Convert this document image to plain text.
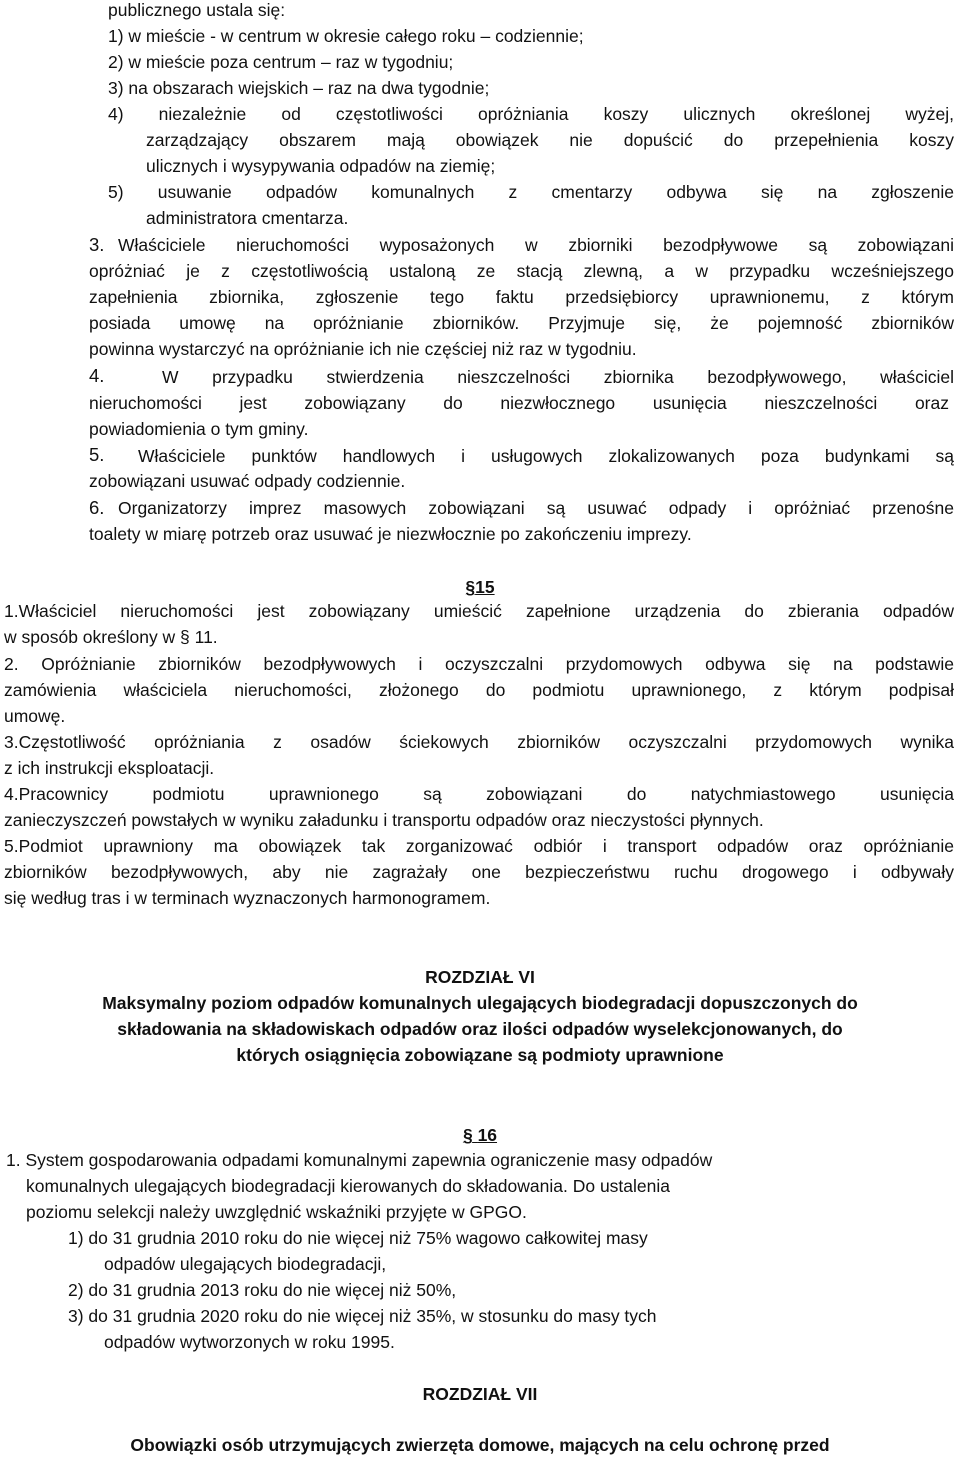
publicznego ustala się:
1) w mieście - w centrum w okresie całego roku – codziennie;
2) w mieście poza centrum – raz w tygodniu;
3) na obszarach wiejskich – raz na dwa tygodnie;
4) niezależnie od częstotliwości opróżniania koszy ulicznych określonej wyżej,
zarządzający obszarem mają obowiązek nie dopuścić do przepełnienia koszy
ulicznych i wysypywania odpadów na ziemię;
5) usuwanie odpadów komunalnych z cmentarzy odbywa się na zgłoszenie
administratora cmentarza.
3. Właściciele nieruchomości wyposażonych w zbiorniki bezodpływowe są zobowiązani
opróżniać je z częstotliwością ustaloną ze stacją zlewną, a w przypadku wcześniejszego
zapełnienia zbiornika, zgłoszenie tego faktu przedsiębiorcy uprawnionemu, z którym
posiada umowę na opróżnianie zbiorników. Przyjmuje się, że pojemność zbiorników
powinna wystarczyć na opróżnianie ich nie częściej niż raz w tygodniu.
4.	W przypadku stwierdzenia nieszczelności zbiornika bezodpływowego, właściciel
nieruchomości jest zobowiązany do niezwłocznego usunięcia nieszczelności oraz
powiadomienia o tym gminy.
5. Właściciele punktów handlowych i usługowych zlokalizowanych poza budynkami są
zobowiązani usuwać odpady codziennie.
6. Organizatorzy imprez masowych zobowiązani są usuwać odpady i opróżniać przenośne
toalety w miarę potrzeb oraz usuwać je niezwłocznie po zakończeniu imprezy.
§15
1.Właściciel nieruchomości jest zobowiązany umieścić zapełnione urządzenia do zbierania odpadów
w sposób określony w § 11.
2. Opróżnianie zbiorników bezodpływowych i oczyszczalni przydomowych odbywa się na podstawie
zamówienia właściciela nieruchomości, złożonego do podmiotu uprawnionego, z którym podpisał
umowę.
3.Częstotliwość opróżniania z osadów ściekowych zbiorników oczyszczalni przydomowych wynika
z ich instrukcji eksploatacji.
4.Pracownicy podmiotu uprawnionego są zobowiązani do natychmiastowego usunięcia
zanieczyszczeń powstałych w wyniku załadunku i transportu odpadów oraz nieczystości płynnych.
5.Podmiot uprawniony ma obowiązek tak zorganizować odbiór i transport odpadów oraz opróżnianie
zbiorników bezodpływowych, aby nie zagrażały one bezpieczeństwu ruchu drogowego i odbywały
się według tras i w terminach wyznaczonych harmonogramem.
ROZDZIAŁ VI
Maksymalny poziom odpadów komunalnych ulegających biodegradacji dopuszczonych do
składowania na składowiskach odpadów oraz ilości odpadów wyselekcjonowanych, do
których osiągnięcia zobowiązane są podmioty uprawnione
§ 16
1. System gospodarowania odpadami komunalnymi zapewnia ograniczenie masy odpadów
komunalnych ulegających biodegradacji kierowanych do składowania. Do ustalenia
poziomu selekcji należy uwzględnić wskaźniki przyjęte w GPGO.
1) do 31 grudnia 2010 roku do nie więcej niż 75% wagowo całkowitej masy
odpadów ulegających biodegradacji,
2) do 31 grudnia 2013 roku do nie więcej niż 50%,
3) do 31 grudnia 2020 roku do nie więcej niż 35%, w stosunku do masy tych
odpadów wytworzonych w roku 1995.
ROZDZIAŁ VII
Obowiązki osób utrzymujących zwierzęta domowe, mających na celu ochronę przed
